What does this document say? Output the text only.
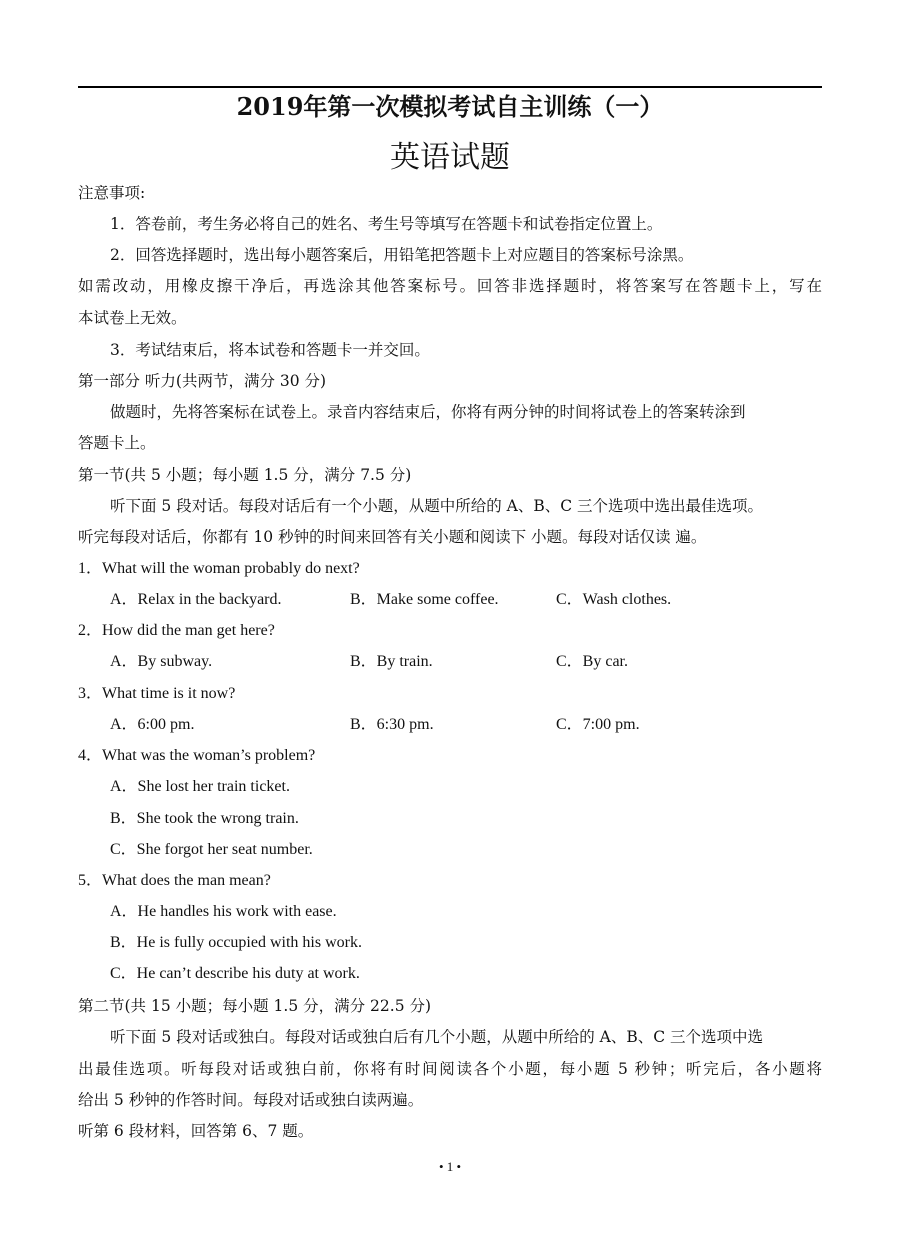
2019年第一次模拟考试自主训练（一）
英语试题
注意事项:
1．答卷前，考生务必将自己的姓名、考生号等填写在答题卡和试卷指定位置上。
2．回答选择题时，选出每小题答案后，用铅笔把答题卡上对应题目的答案标号涂黑。
如需改动，用橡皮擦干净后，再选涂其他答案标号。回答非选择题时，将答案写在答题卡上，写在
本试卷上无效。
3．考试结束后，将本试卷和答题卡一并交回。
第一部分 听力(共两节，满分 30 分)
做题时，先将答案标在试卷上。录音内容结束后，你将有两分钟的时间将试卷上的答案转涂到
答题卡上。
第一节(共 5 小题；每小题 1.5 分，满分 7.5 分)
听下面 5 段对话。每段对话后有一个小题，从题中所给的 A、B、C 三个选项中选出最佳选项。
听完每段对话后，你都有 10 秒钟的时间来回答有关小题和阅读下 小题。每段对话仅读 遍。
1．What will the woman probably do next?
A．Relax in the backyard.	B．Make some coffee.	C．Wash clothes.
2．How did the man get here?
A．By subway.	B．By train.	C．By car.
3．What time is it now?
A．6:00 pm.	B．6:30 pm.	C．7:00 pm.
4．What was the woman’s problem?
A．She lost her train ticket.
B．She took the wrong train.
C．She forgot her seat number.
5．What does the man mean?
A．He handles his work with ease.
B．He is fully occupied with his work.
C．He can’t describe his duty at work.
第二节(共 15 小题；每小题 1.5 分，满分 22.5 分)
听下面 5 段对话或独白。每段对话或独白后有几个小题，从题中所给的 A、B、C 三个选项中选
出最佳选项。听每段对话或独白前，你将有时间阅读各个小题，每小题 5 秒钟；听完后，各小题将
给出 5 秒钟的作答时间。每段对话或独白读两遍。
听第 6 段材料，回答第 6、7 题。
• 1 •
